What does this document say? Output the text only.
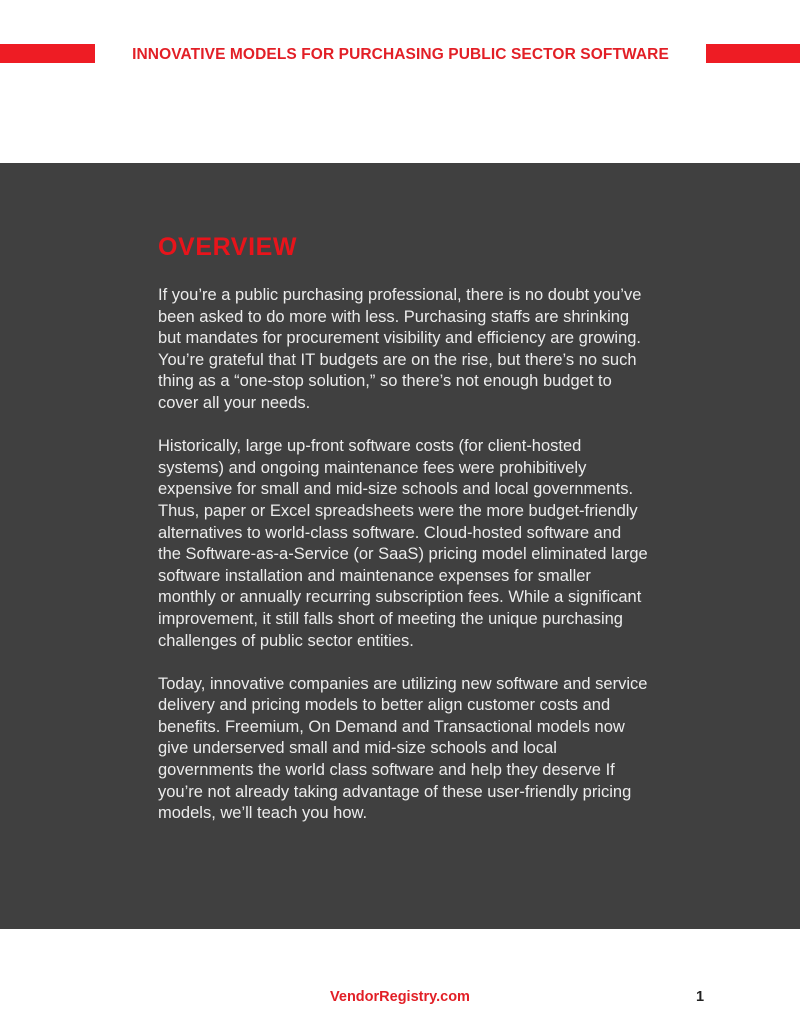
INNOVATIVE MODELS FOR PURCHASING PUBLIC SECTOR SOFTWARE
OVERVIEW

If you’re a public purchasing professional, there is no doubt you’ve been asked to do more with less. Purchasing staffs are shrinking but mandates for procurement visibility and efficiency are growing. You’re grateful that IT budgets are on the rise, but there’s no such thing as a “one-stop solution,” so there’s not enough budget to cover all your needs.

Historically, large up-front software costs (for client-hosted systems) and ongoing maintenance fees were prohibitively expensive for small and mid-size schools and local governments. Thus, paper or Excel spreadsheets were the more budget-friendly alternatives to world-class software. Cloud-hosted software and the Software-as-a-Service (or SaaS) pricing model eliminated large software installation and maintenance expenses for smaller monthly or annually recurring subscription fees. While a significant improvement, it still falls short of meeting the unique purchasing challenges of public sector entities.

Today, innovative companies are utilizing new software and service delivery and pricing models to better align customer costs and benefits. Freemium, On Demand and Transactional models now give underserved small and mid-size schools and local governments the world class software and help they deserve If you’re not already taking advantage of these user-friendly pricing models, we’ll teach you how.

VendorRegistry.com	1
